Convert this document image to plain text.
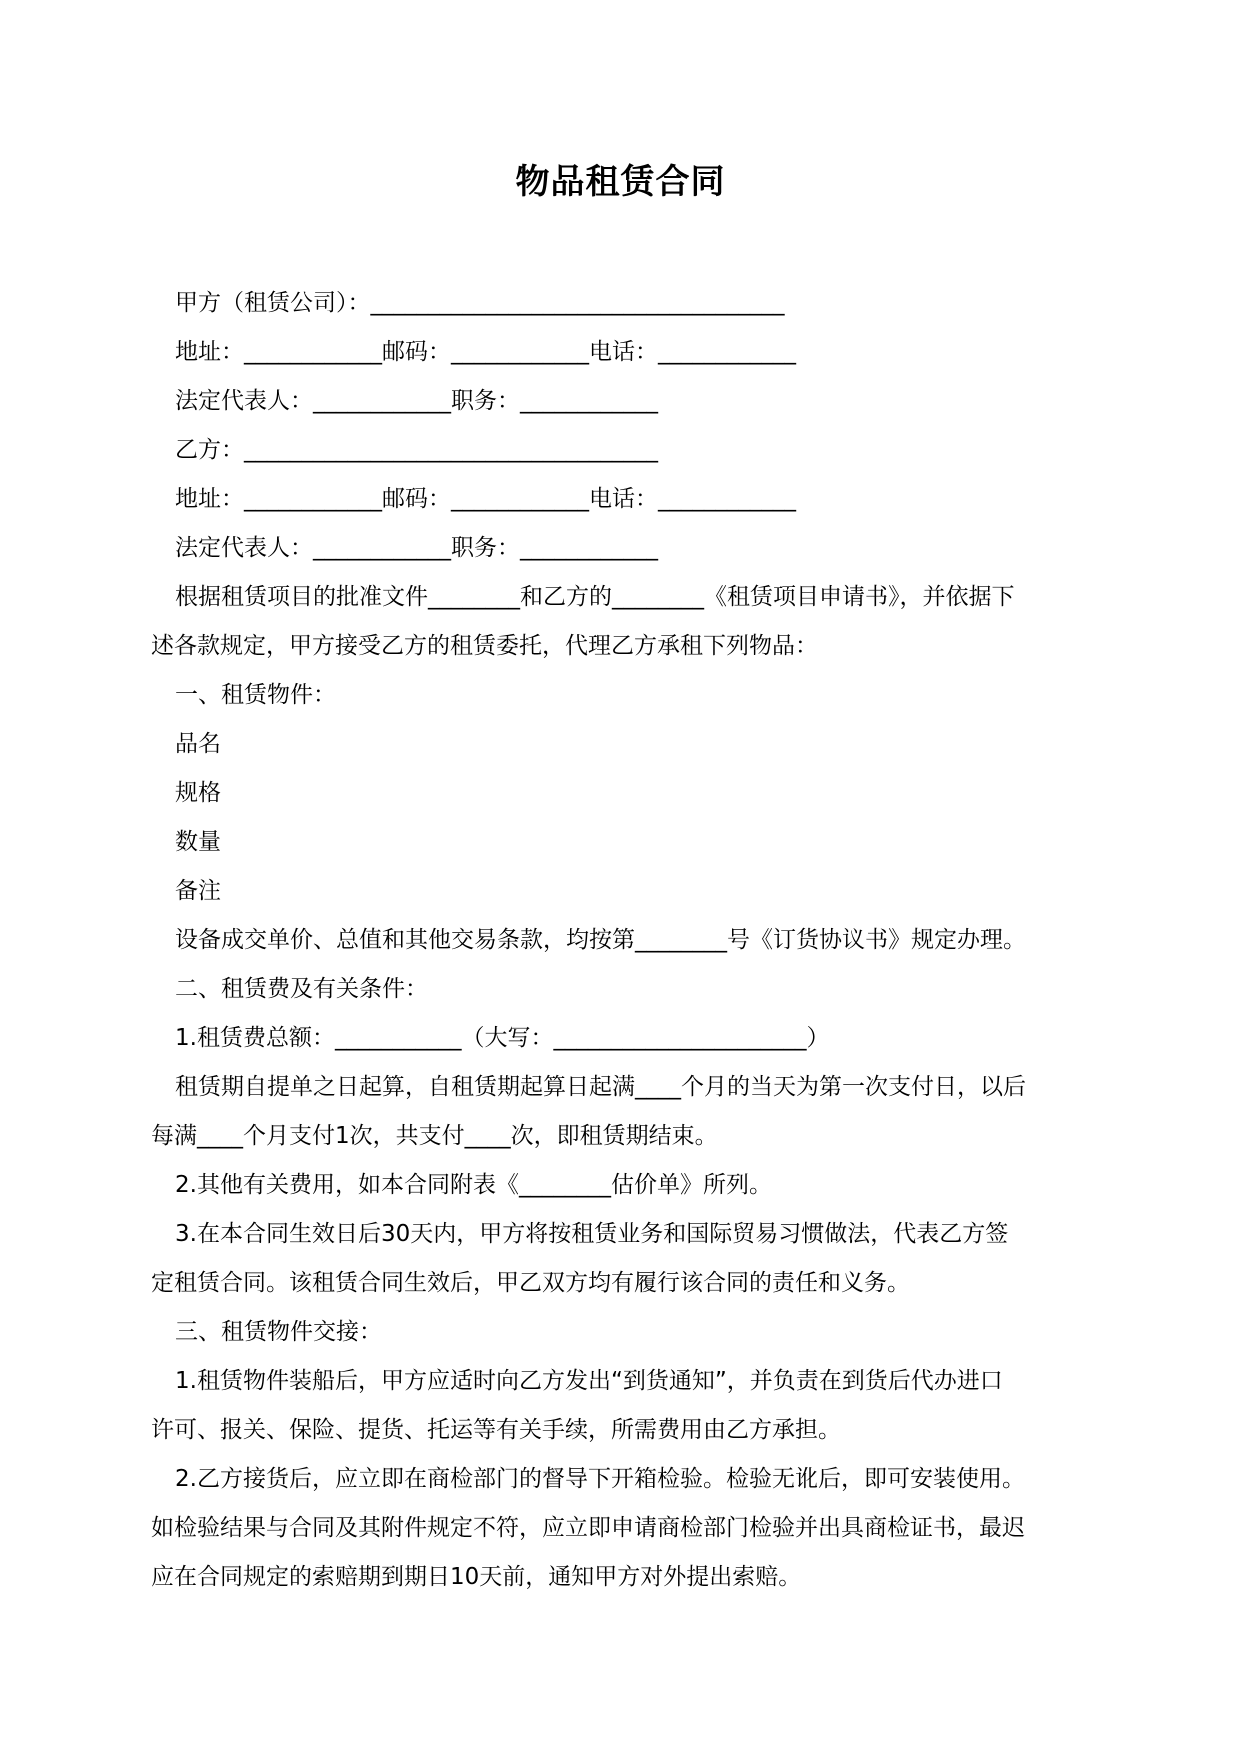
物品租赁合同
甲方（租赁公司）：____________________________________
地址：____________邮码：____________电话：____________
法定代表人：____________职务：____________
乙方：____________________________________
地址：____________邮码：____________电话：____________
法定代表人：____________职务：____________
根据租赁项目的批准文件________和乙方的________《租赁项目申请书》，并依据下
述各款规定，甲方接受乙方的租赁委托，代理乙方承租下列物品：
一、租赁物件：
品名
规格
数量
备注
设备成交单价、总值和其他交易条款，均按第________号《订货协议书》规定办理。
二、租赁费及有关条件：
1.租赁费总额：___________（大写：______________________）
租赁期自提单之日起算，自租赁期起算日起满____个月的当天为第一次支付日，以后
每满____个月支付1次，共支付____次，即租赁期结束。
2.其他有关费用，如本合同附表《________估价单》所列。
3.在本合同生效日后30天内，甲方将按租赁业务和国际贸易习惯做法，代表乙方签
定租赁合同。该租赁合同生效后，甲乙双方均有履行该合同的责任和义务。
三、租赁物件交接：
1.租赁物件装船后，甲方应适时向乙方发出“到货通知”，并负责在到货后代办进口
许可、报关、保险、提货、托运等有关手续，所需费用由乙方承担。
2.乙方接货后，应立即在商检部门的督导下开箱检验。检验无讹后，即可安装使用。
如检验结果与合同及其附件规定不符，应立即申请商检部门检验并出具商检证书，最迟
应在合同规定的索赔期到期日10天前，通知甲方对外提出索赔。
